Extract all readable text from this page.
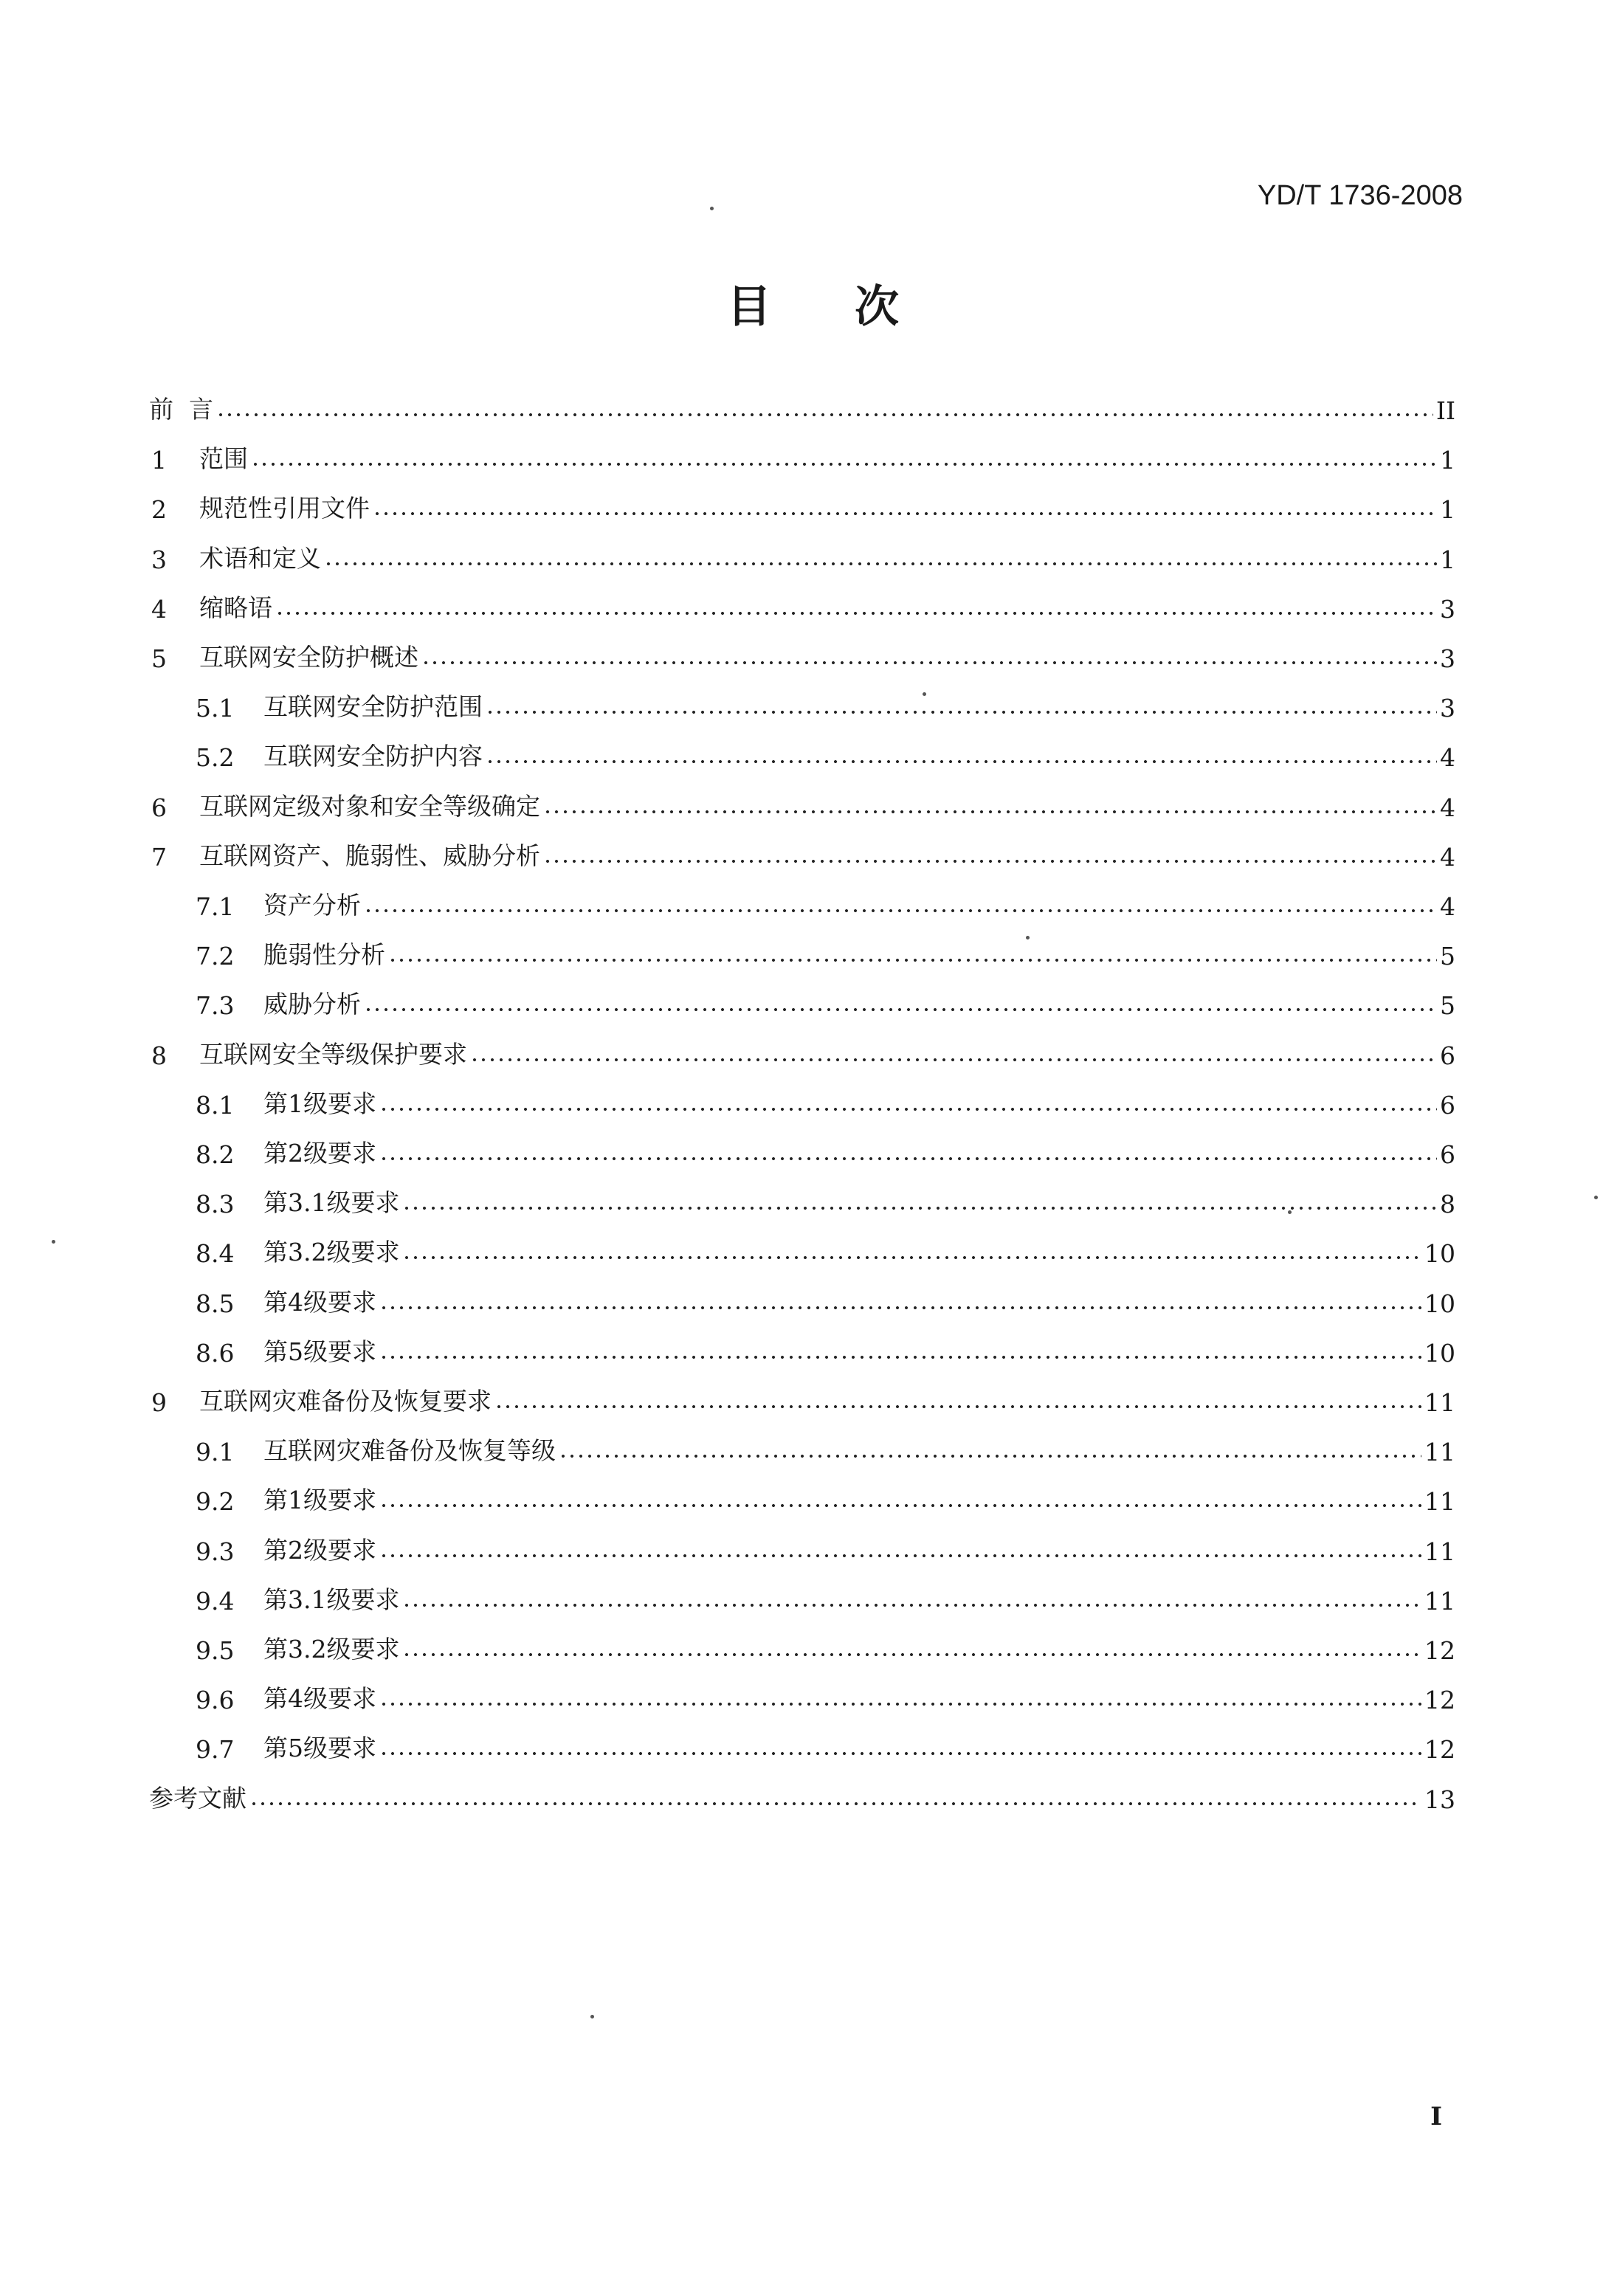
YD/T 1736-2008
目 次
前  言	II
1	范围	1
2	规范性引用文件	1
3	术语和定义	1
4	缩略语	3
5	互联网安全防护概述	3
5.1	互联网安全防护范围	3
5.2	互联网安全防护内容	4
6	互联网定级对象和安全等级确定	4
7	互联网资产、脆弱性、威胁分析	4
7.1	资产分析	4
7.2	脆弱性分析	5
7.3	威胁分析	5
8	互联网安全等级保护要求	6
8.1	第1级要求	6
8.2	第2级要求	6
8.3	第3.1级要求	8
8.4	第3.2级要求	10
8.5	第4级要求	10
8.6	第5级要求	10
9	互联网灾难备份及恢复要求	11
9.1	互联网灾难备份及恢复等级	11
9.2	第1级要求	11
9.3	第2级要求	11
9.4	第3.1级要求	11
9.5	第3.2级要求	12
9.6	第4级要求	12
9.7	第5级要求	12
参考文献	13
I
